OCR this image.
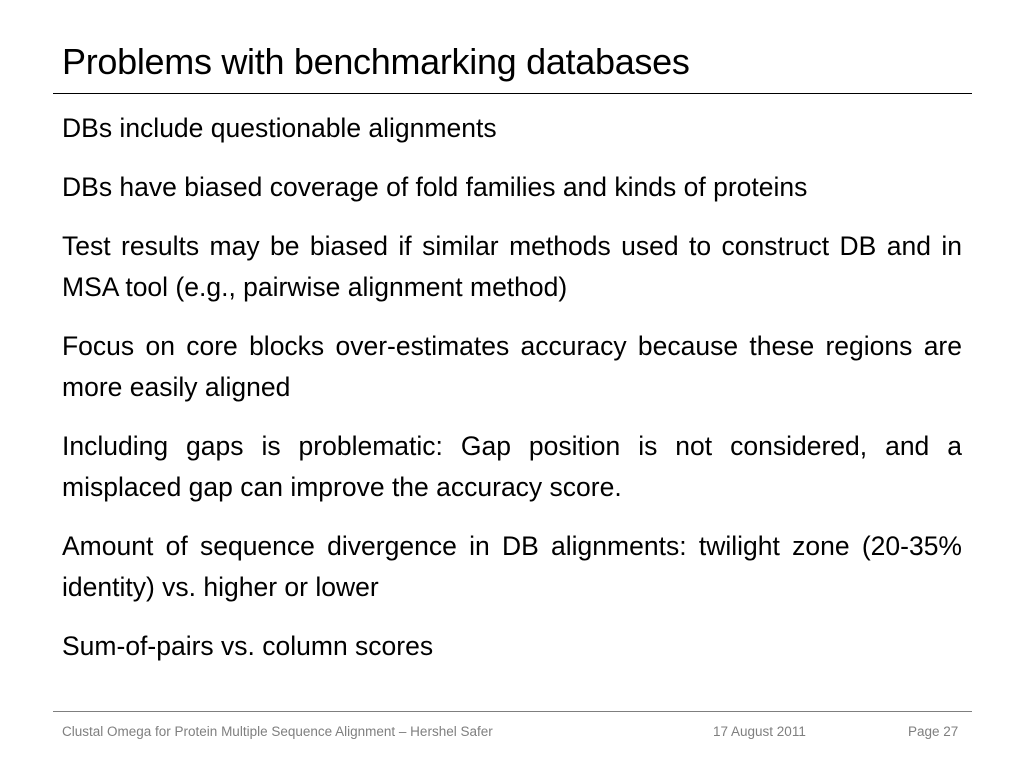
Problems with benchmarking databases
DBs include questionable alignments
DBs have biased coverage of fold families and kinds of proteins
Test results may be biased if similar methods used to construct DB and in MSA tool (e.g., pairwise alignment method)
Focus on core blocks over-estimates accuracy because these regions are more easily aligned
Including gaps is problematic: Gap position is not considered, and a misplaced gap can improve the accuracy score.
Amount of sequence divergence in DB alignments: twilight zone (20-35% identity) vs. higher or lower
Sum-of-pairs vs. column scores
Clustal Omega for Protein Multiple Sequence Alignment – Hershel Safer	17 August 2011	Page 27
